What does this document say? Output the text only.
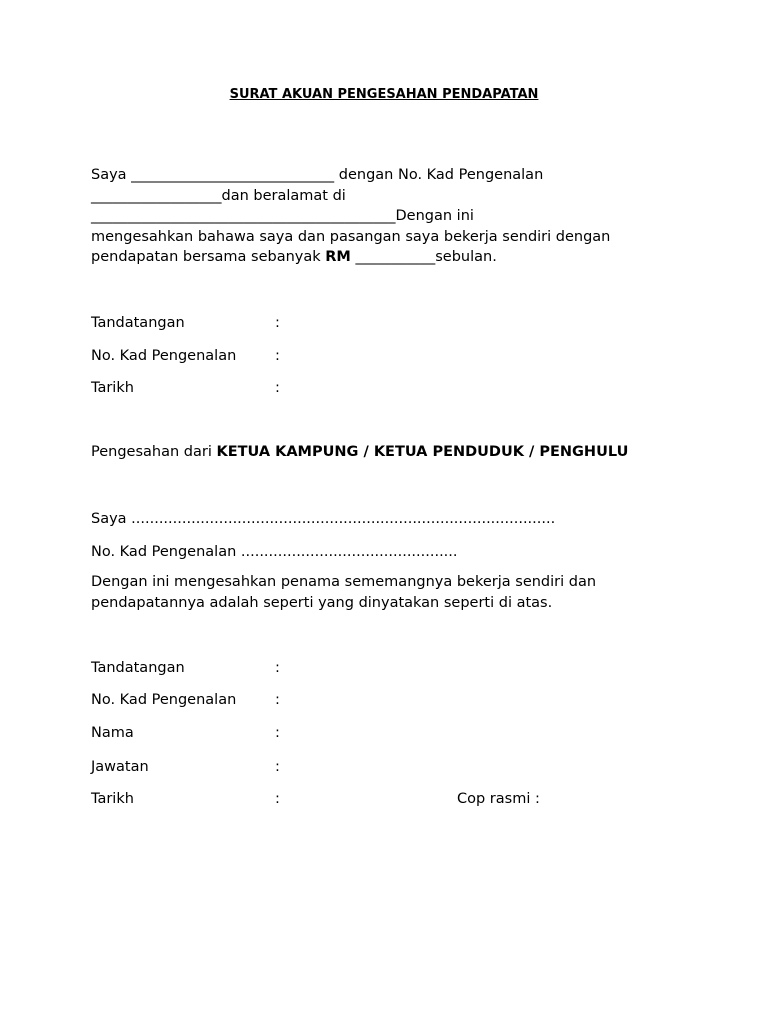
SURAT AKUAN PENGESAHAN PENDAPATAN
Saya ____________________________ dengan No. Kad Pengenalan
__________________dan beralamat di
__________________________________________Dengan ini
mengesahkan bahawa saya dan pasangan saya bekerja sendiri dengan
pendapatan bersama sebanyak RM ___________sebulan.
Tandatangan	:
No. Kad Pengenalan	:
Tarikh	:
Pengesahan dari KETUA KAMPUNG / KETUA PENDUDUK / PENGHULU
Saya ............................................................................................
No. Kad Pengenalan ...............................................
Dengan ini mengesahkan penama sememangnya bekerja sendiri dan
pendapatannya adalah seperti yang dinyatakan seperti di atas.
Tandatangan	:
No. Kad Pengenalan	:
Nama	:
Jawatan	:
Tarikh	:	Cop rasmi :
